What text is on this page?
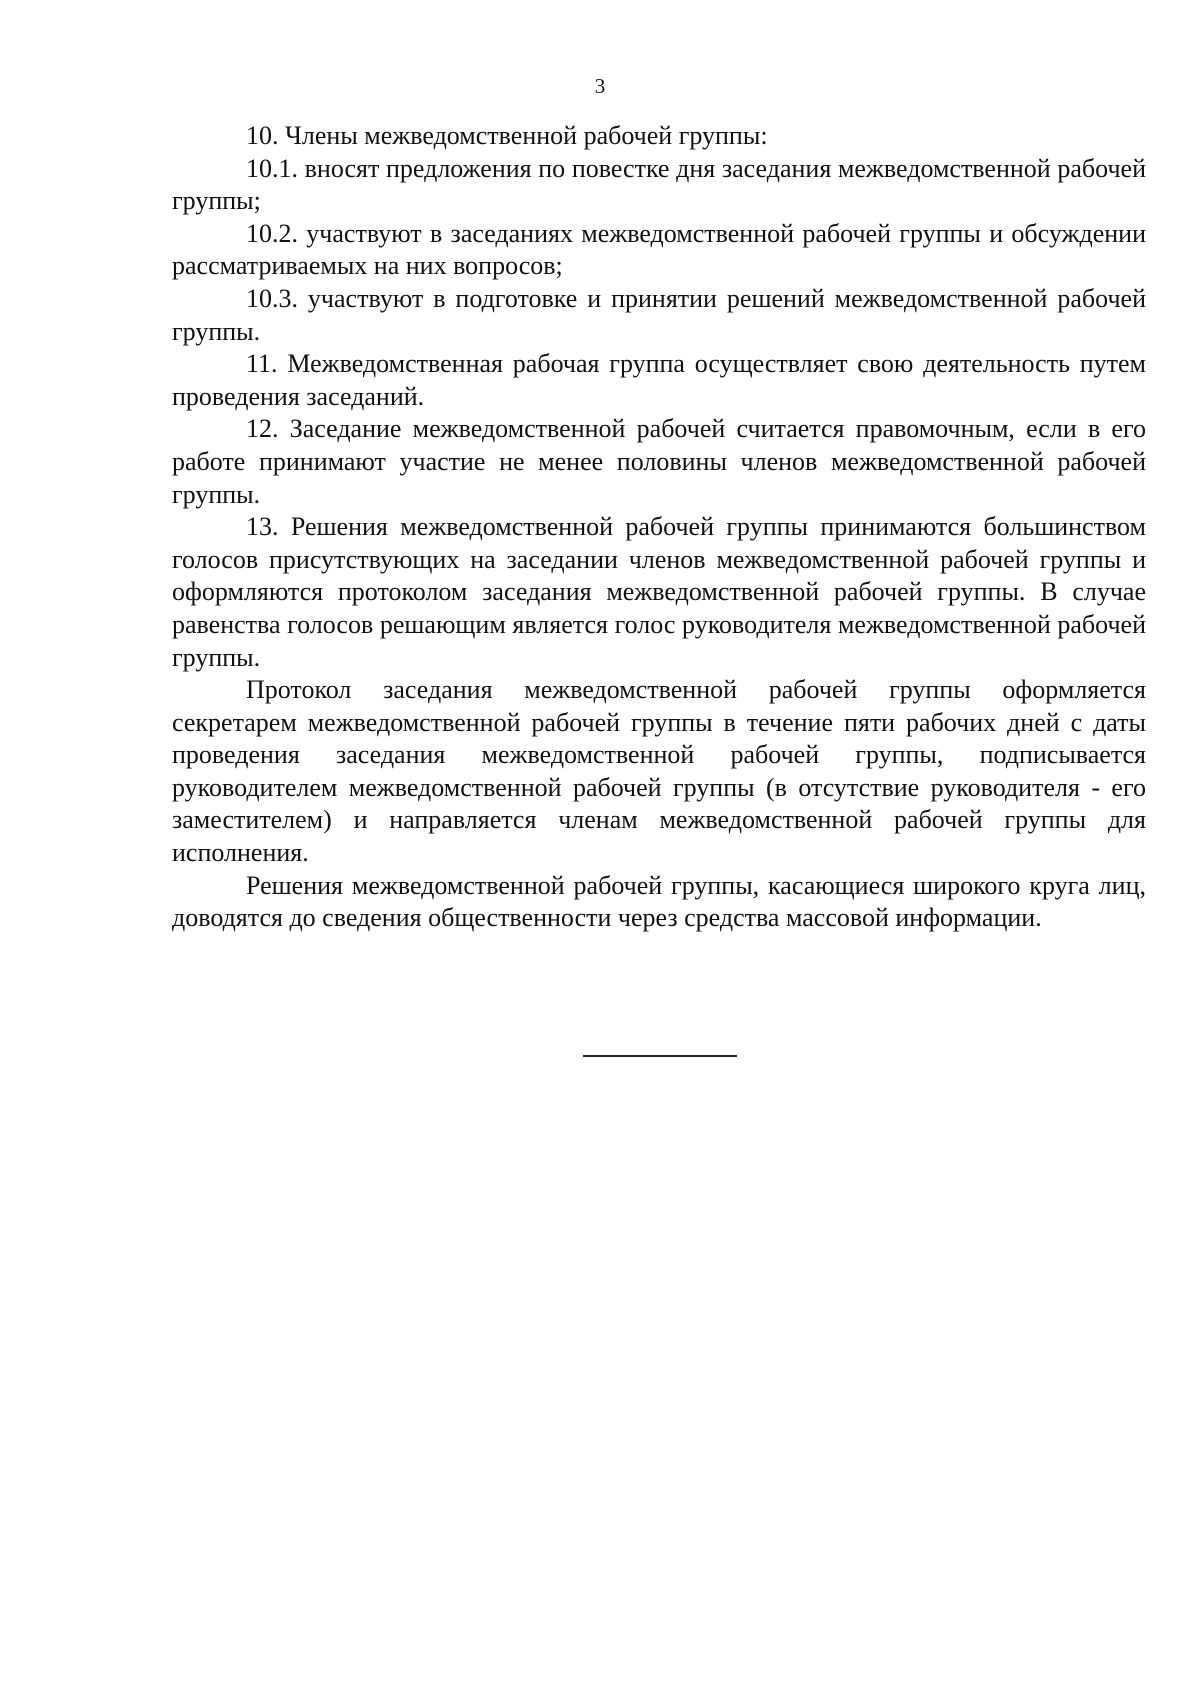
3

10. Члены межведомственной рабочей группы:

10.1. вносят предложения по повестке дня заседания межведомственной рабочей группы;

10.2. участвуют в заседаниях межведомственной рабочей группы и обсуждении рассматриваемых на них вопросов;

10.3. участвуют в подготовке и принятии решений межведомственной рабочей группы.

11. Межведомственная рабочая группа осуществляет свою деятельность путем проведения заседаний.

12. Заседание межведомственной рабочей считается правомочным, если в его работе принимают участие не менее половины членов межведомственной рабочей группы.

13. Решения межведомственной рабочей группы принимаются большинством голосов присутствующих на заседании членов межведомственной рабочей группы и оформляются протоколом заседания межведомственной рабочей группы. В случае равенства голосов решающим является голос руководителя межведомственной рабочей группы.

Протокол заседания межведомственной рабочей группы оформляется секретарем межведомственной рабочей группы в течение пяти рабочих дней с даты проведения заседания межведомственной рабочей группы, подписывается руководителем межведомственной рабочей группы (в отсутствие руководителя - его заместителем) и направляется членам межведомственной рабочей группы для исполнения.

Решения межведомственной рабочей группы, касающиеся широкого круга лиц, доводятся до сведения общественности через средства массовой информации.
